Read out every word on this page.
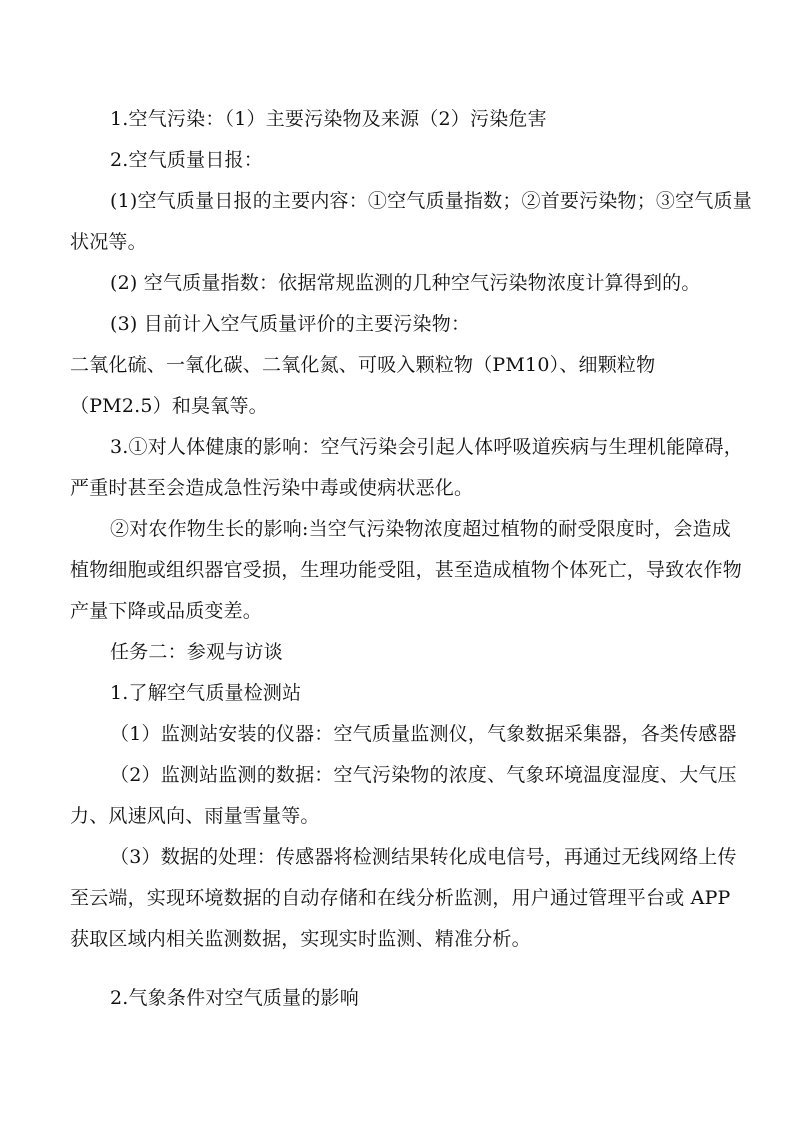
1.空气污染：（1）主要污染物及来源（2）污染危害
2.空气质量日报：
(1)空气质量日报的主要内容：①空气质量指数；②首要污染物；③空气质量
状况等。
(2) 空气质量指数：依据常规监测的几种空气污染物浓度计算得到的。
(3) 目前计入空气质量评价的主要污染物：
二氧化硫、一氧化碳、二氧化氮、可吸入颗粒物（PM10）、细颗粒物
（PM2.5）和臭氧等。
3.①对人体健康的影响：空气污染会引起人体呼吸道疾病与生理机能障碍，
严重时甚至会造成急性污染中毒或使病状恶化。
②对农作物生长的影响:当空气污染物浓度超过植物的耐受限度时，会造成
植物细胞或组织器官受损，生理功能受阻，甚至造成植物个体死亡，导致农作物
产量下降或品质变差。
任务二：参观与访谈
1.了解空气质量检测站
（1）监测站安装的仪器：空气质量监测仪，气象数据采集器，各类传感器
（2）监测站监测的数据：空气污染物的浓度、气象环境温度湿度、大气压
力、风速风向、雨量雪量等。
（3）数据的处理：传感器将检测结果转化成电信号，再通过无线网络上传
至云端，实现环境数据的自动存储和在线分析监测，用户通过管理平台或 APP
获取区域内相关监测数据，实现实时监测、精准分析。
2.气象条件对空气质量的影响
